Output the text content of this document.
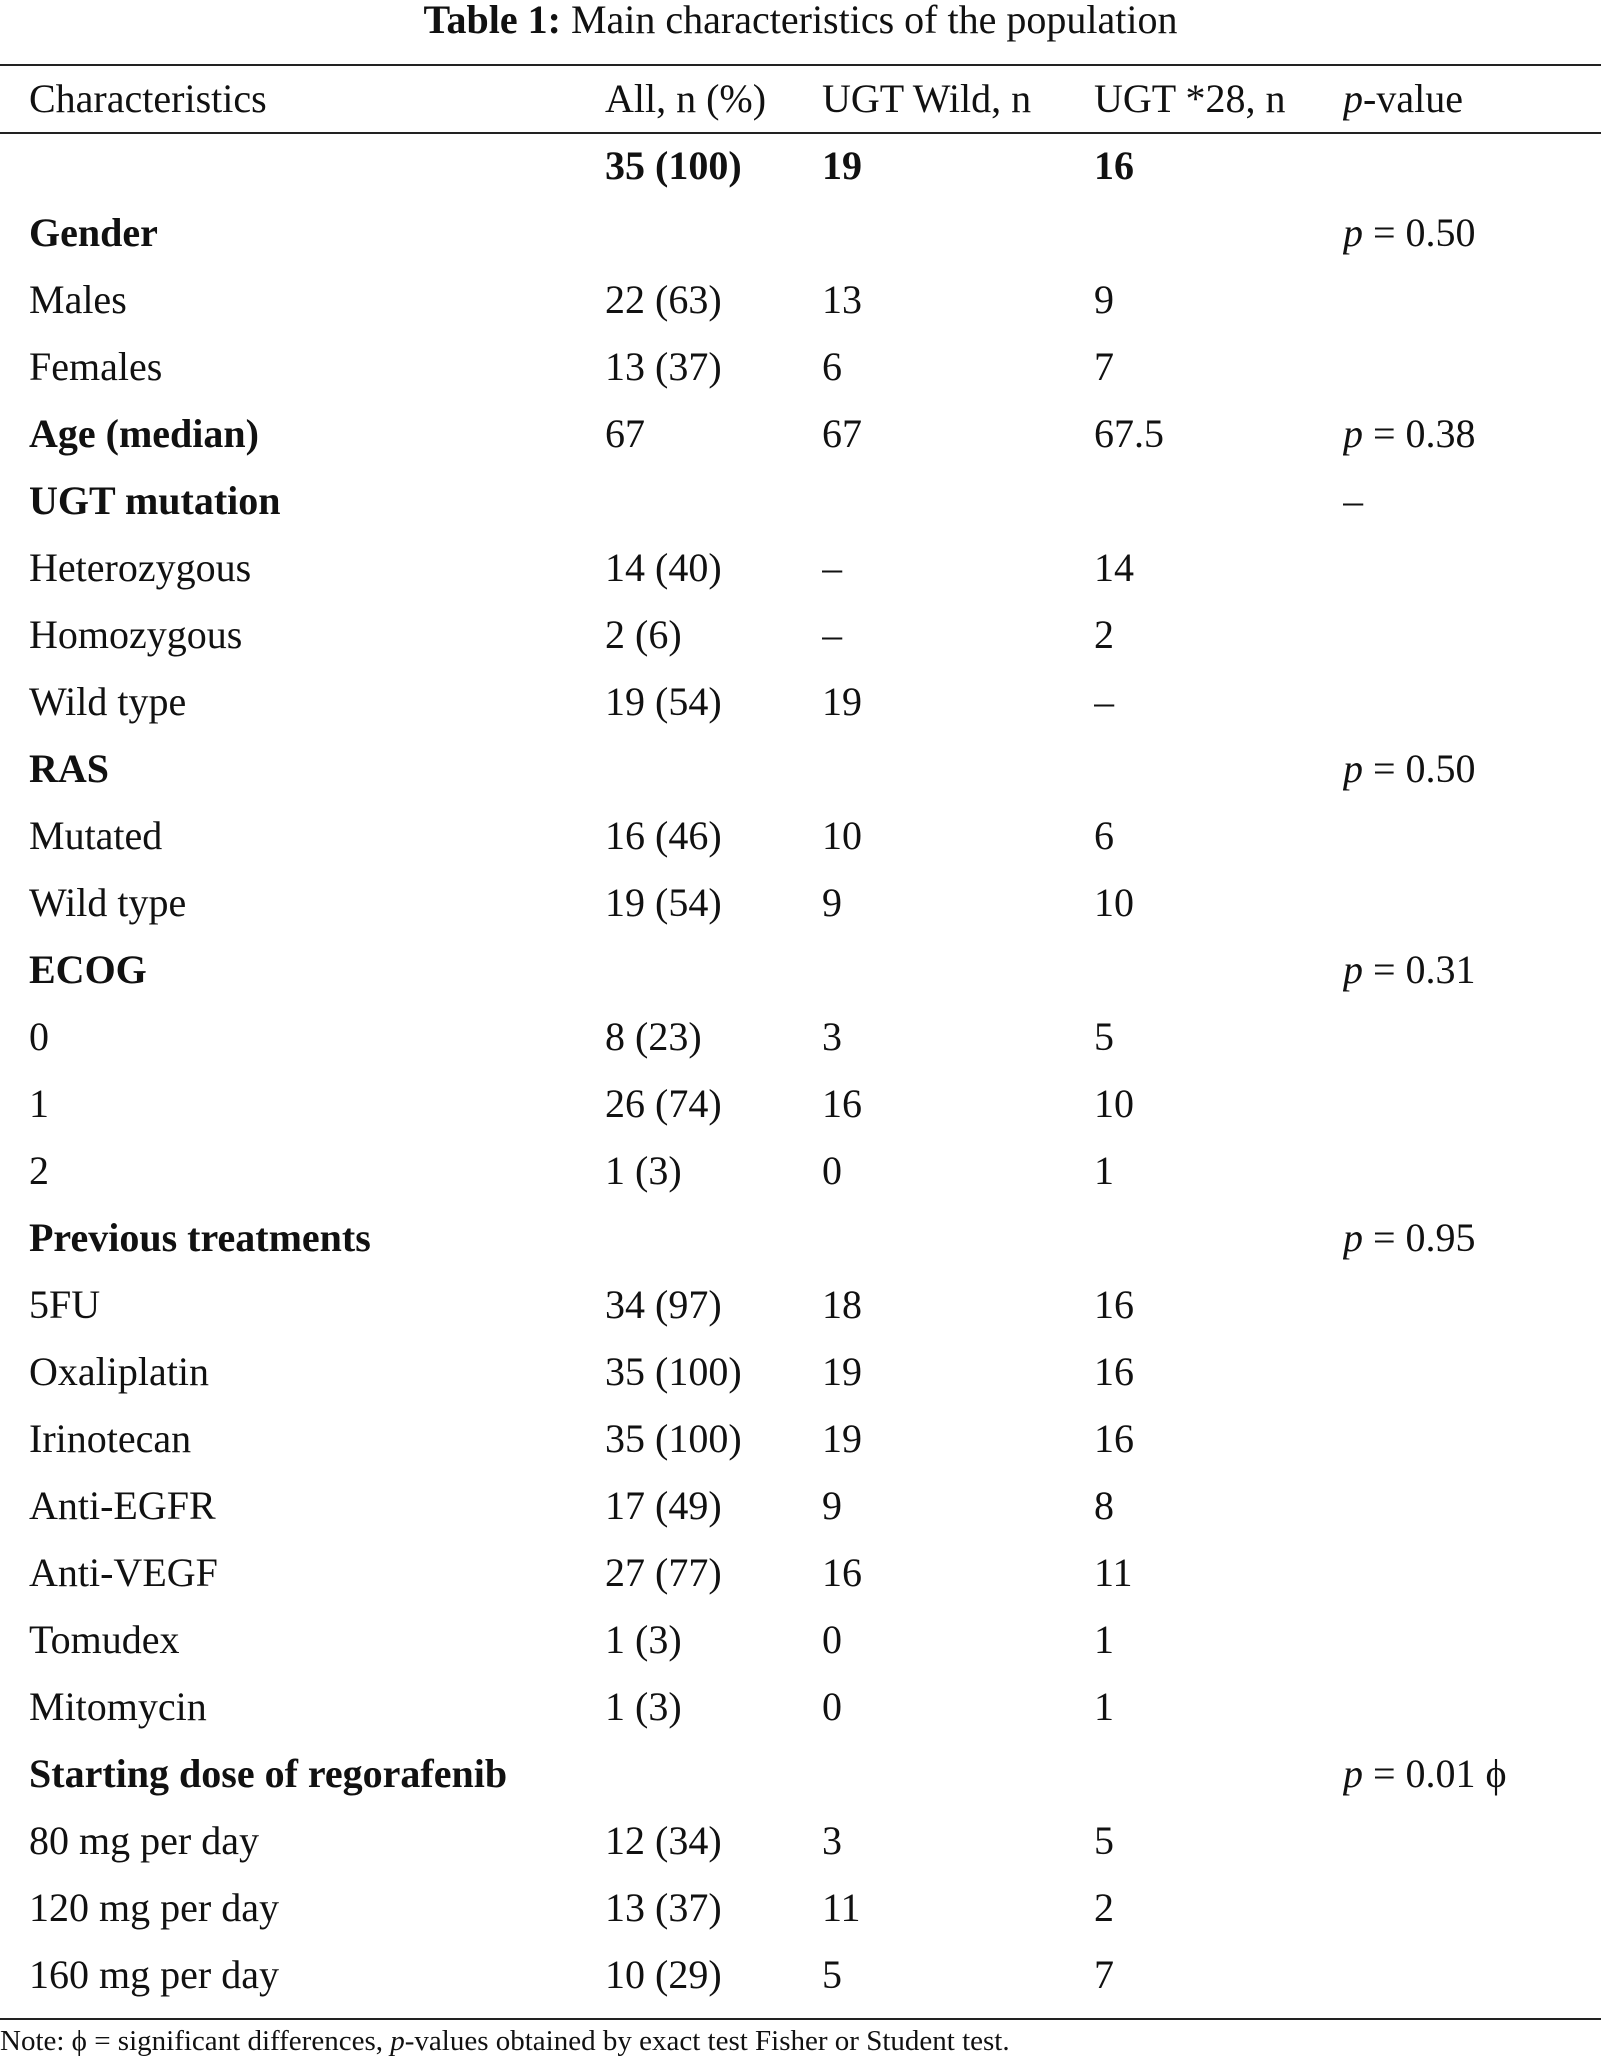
Table 1: Main characteristics of the population
Characteristics	All, n (%)	UGT Wild, n	UGT *28, n	p-value
	35 (100)	19	16	
Gender				p = 0.50
Males	22 (63)	13	9	
Females	13 (37)	6	7	
Age (median)	67	67	67.5	p = 0.38
UGT mutation				–
Heterozygous	14 (40)	–	14	
Homozygous	2 (6)	–	2	
Wild type	19 (54)	19	–	
RAS				p = 0.50
Mutated	16 (46)	10	6	
Wild type	19 (54)	9	10	
ECOG				p = 0.31
0	8 (23)	3	5	
1	26 (74)	16	10	
2	1 (3)	0	1	
Previous treatments				p = 0.95
5FU	34 (97)	18	16	
Oxaliplatin	35 (100)	19	16	
Irinotecan	35 (100)	19	16	
Anti-EGFR	17 (49)	9	8	
Anti-VEGF	27 (77)	16	11	
Tomudex	1 (3)	0	1	
Mitomycin	1 (3)	0	1	
Starting dose of regorafenib				p = 0.01 ϕ
80 mg per day	12 (34)	3	5	
120 mg per day	13 (37)	11	2	
160 mg per day	10 (29)	5	7	
Note: ϕ = significant differences, p-values obtained by exact test Fisher or Student test.
